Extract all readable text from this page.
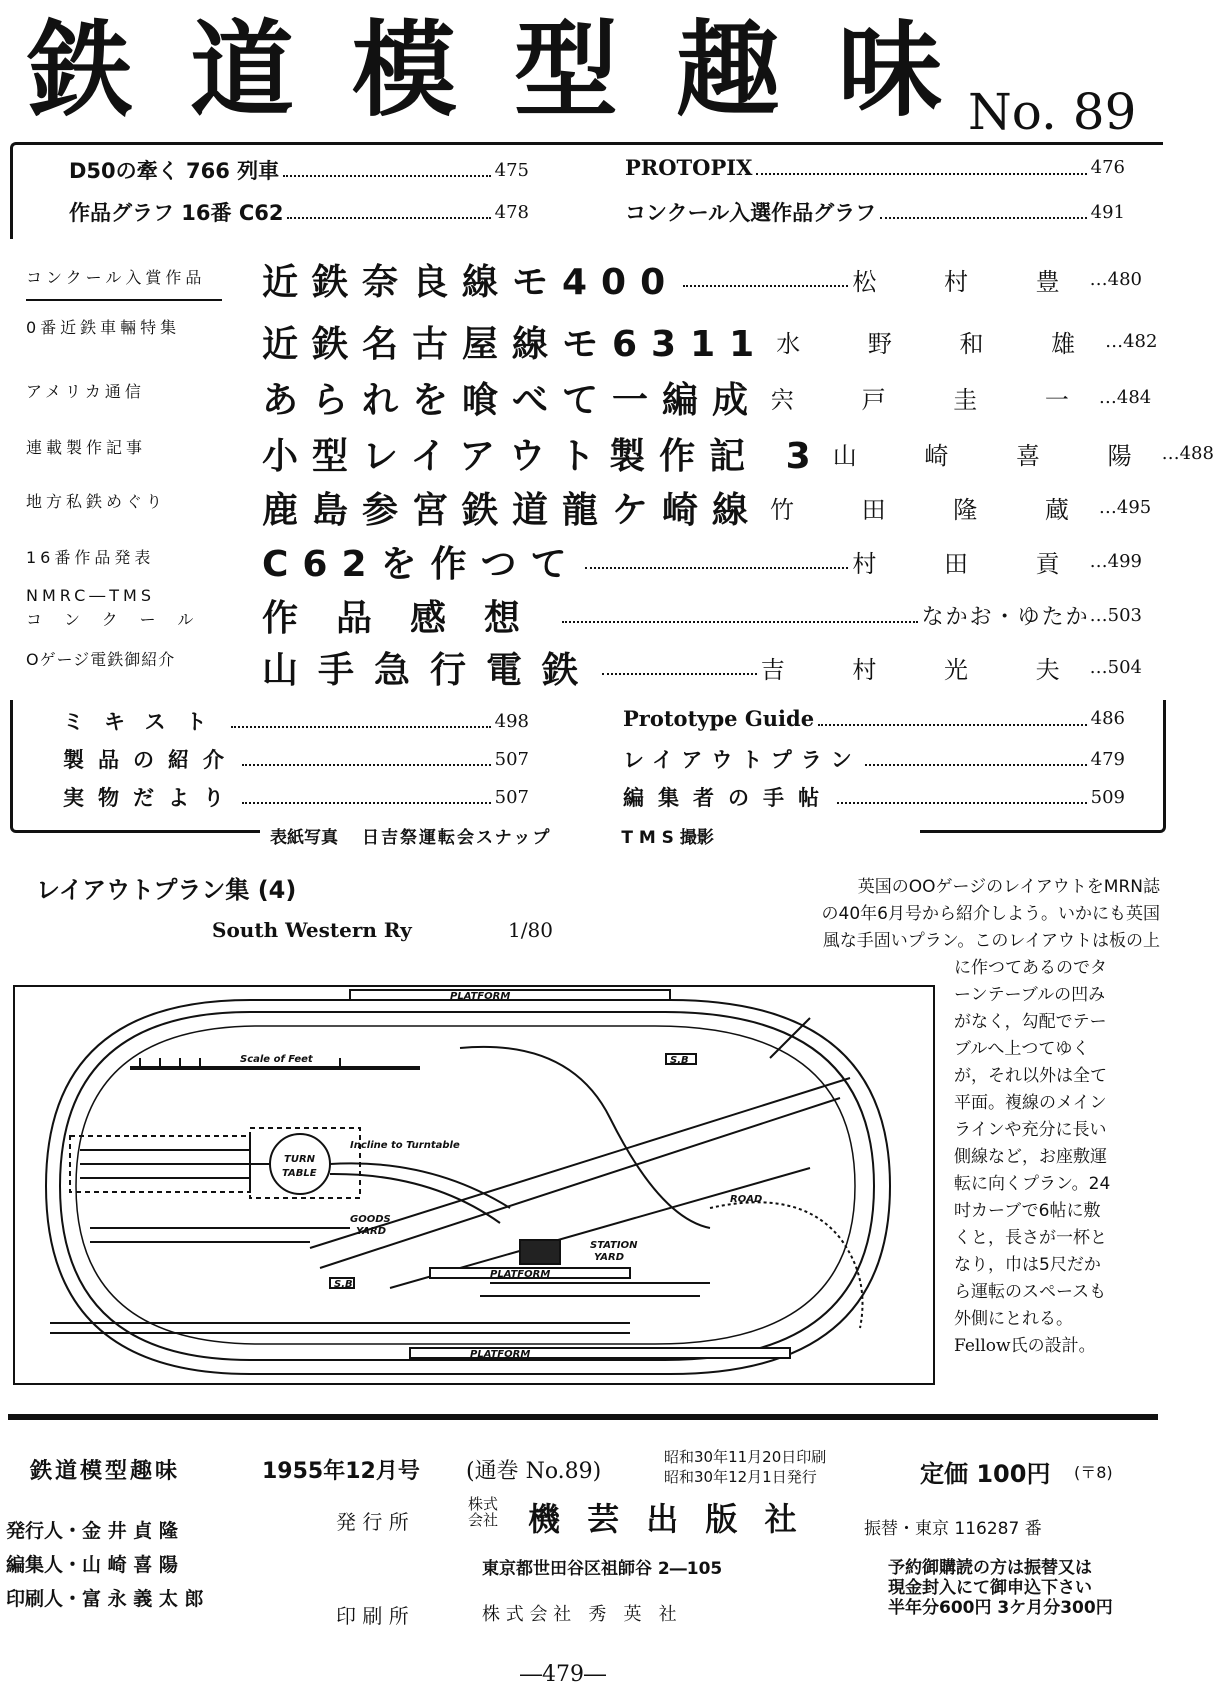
鉄道模型趣味
No. 89
D50の牽く 766 列車	475	PROTOPIX	476
作品グラフ 16番 C62	478	コンクール入選作品グラフ	491
コンクール入賞作品	近鉄奈良線モ400	松 村 豊 … 480
0番近鉄車輛特集	近鉄名古屋線モ6311 水 野 和 雄 … 482
アメリカ通信	あられを喰べて一編成 宍 戸 圭 一 … 484
連載製作記事	小型レイアウト製作記 3 山 崎 喜 陽 … 488
地方私鉄めぐり	鹿島参宮鉄道龍ケ崎線 竹 田 隆 蔵 … 495
16番作品発表	C62を作つて	村 田 貢 … 499
NMRC―TMS
コンクール	作品感想	なかお・ゆたか … 503
Oゲージ電鉄御紹介	山手急行電鉄	吉 村 光 夫 … 504
ミキスト	498	Prototype Guide	486
製品の紹介	507	レイアウトプラン	479
実物だより	507	編集者の手帖	509
表紙写真 日吉祭運転会スナップ	T M S 撮影
レイアウトプラン集 (4)
South Western Ry	1/80
PLATFORM
Scale of Feet
TURN
TABLE
Incline to Turntable
GOODS
YARD
STATION
YARD
ROAD
PLATFORM
PLATFORM
S.B
S.B

英国のOOゲージのレイアウトをMRN誌

の40年6月号から紹介しよう。いかにも英国

風な手固いプラン。このレイアウトは板の上

に作つてあるのでタ

ーンテーブルの凹み

がなく，勾配でテー

ブルへ上つてゆく

が，それ以外は全て

平面。複線のメイン

ラインや充分に長い

側線など，お座敷運

転に向くプラン。24

吋カーブで6帖に敷

くと，長さが一杯と

なり，巾は5尺だか

ら運転のスペースも

外側にとれる。

Fellow氏の設計。

鉄道模型趣味	1955年12月号 (通巻 No.89)
昭和30年11月20日印刷
昭和30年12月1日発行	定価 100円 (〒8)
発行人・金 井 貞 隆
編集人・山 崎 喜 陽
印刷人・富 永 義 太 郎
発 行 所
株式
会社 機 芸 出 版 社	振替・東京 116287 番
東京都世田谷区祖師谷 2―105
印 刷 所	株 式 会 社   秀   英   社
予約御購読の方は振替又は
現金封入にて御申込下さい
半年分600円 3ケ月分300円
―479―
